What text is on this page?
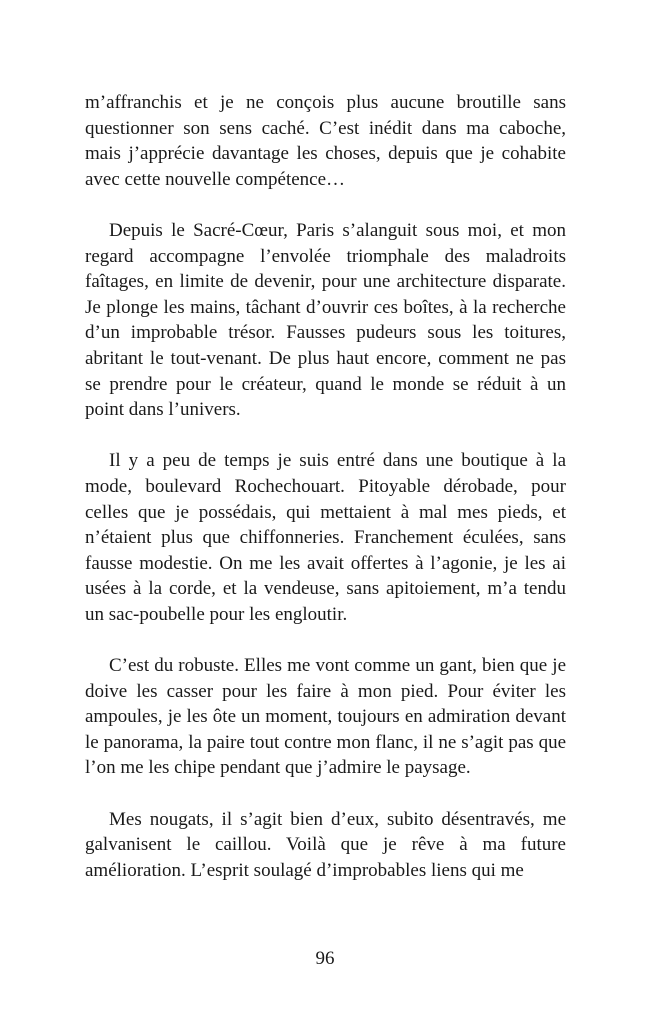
m’affranchis et je ne conçois plus aucune broutille sans questionner son sens caché. C’est inédit dans ma caboche, mais j’apprécie davantage les choses, depuis que je cohabite avec cette nouvelle compétence…

Depuis le Sacré-Cœur, Paris s’alanguit sous moi, et mon regard accompagne l’envolée triomphale des maladroits faîtages, en limite de devenir, pour une architecture disparate. Je plonge les mains, tâchant d’ouvrir ces boîtes, à la recherche d’un improbable trésor. Fausses pudeurs sous les toitures, abritant le tout-venant. De plus haut encore, comment ne pas se prendre pour le créateur, quand le monde se réduit à un point dans l’univers.

Il y a peu de temps je suis entré dans une boutique à la mode, boulevard Rochechouart. Pitoyable dérobade, pour celles que je possédais, qui mettaient à mal mes pieds, et n’étaient plus que chiffonneries. Franchement éculées, sans fausse modestie. On me les avait offertes à l’agonie, je les ai usées à la corde, et la vendeuse, sans apitoiement, m’a tendu un sac-poubelle pour les engloutir.

C’est du robuste. Elles me vont comme un gant, bien que je doive les casser pour les faire à mon pied. Pour éviter les ampoules, je les ôte un moment, toujours en admiration devant le panorama, la paire tout contre mon flanc, il ne s’agit pas que l’on me les chipe pendant que j’admire le paysage.

Mes nougats, il s’agit bien d’eux, subito désentravés, me galvanisent le caillou. Voilà que je rêve à ma future amélioration. L’esprit soulagé d’improbables liens qui me

96
